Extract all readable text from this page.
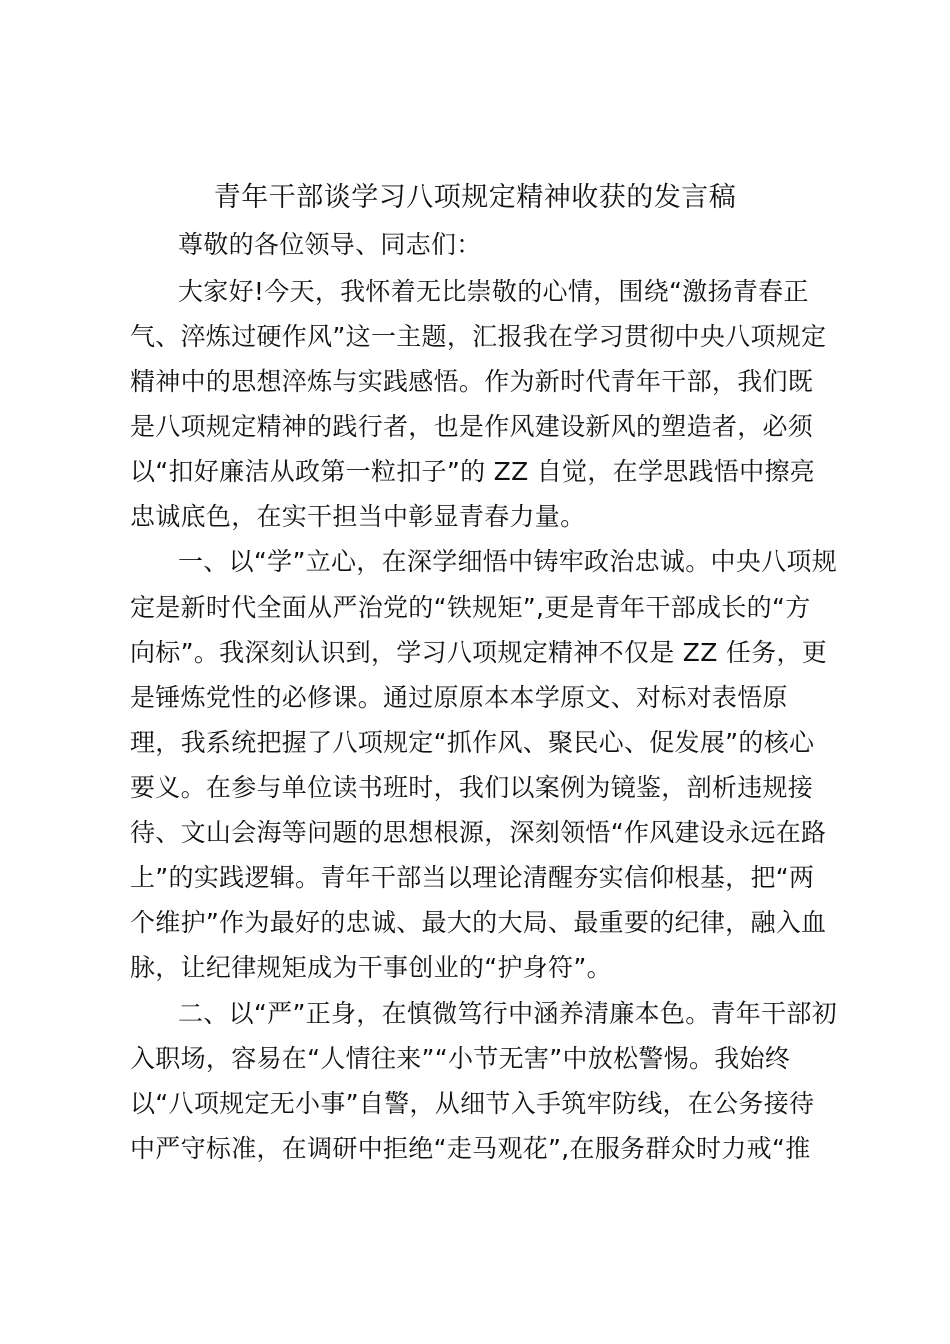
青年干部谈学习八项规定精神收获的发言稿
尊敬的各位领导、同志们：
大家好!今天，我怀着无比崇敬的心情，围绕“激扬青春正
气、淬炼过硬作风”这一主题，汇报我在学习贯彻中央八项规定
精神中的思想淬炼与实践感悟。作为新时代青年干部，我们既
是八项规定精神的践行者，也是作风建设新风的塑造者，必须
以“扣好廉洁从政第一粒扣子”的 ZZ 自觉，在学思践悟中擦亮
忠诚底色，在实干担当中彰显青春力量。
一、以“学”立心，在深学细悟中铸牢政治忠诚。中央八项规
定是新时代全面从严治党的“铁规矩”,更是青年干部成长的“方
向标”。我深刻认识到，学习八项规定精神不仅是 ZZ 任务，更
是锤炼党性的必修课。通过原原本本学原文、对标对表悟原
理，我系统把握了八项规定“抓作风、聚民心、促发展”的核心
要义。在参与单位读书班时，我们以案例为镜鉴，剖析违规接
待、文山会海等问题的思想根源，深刻领悟“作风建设永远在路
上”的实践逻辑。青年干部当以理论清醒夯实信仰根基，把“两
个维护”作为最好的忠诚、最大的大局、最重要的纪律，融入血
脉，让纪律规矩成为干事创业的“护身符”。
二、以“严”正身，在慎微笃行中涵养清廉本色。青年干部初
入职场，容易在“人情往来”“小节无害”中放松警惕。我始终
以“八项规定无小事”自警，从细节入手筑牢防线，在公务接待
中严守标准，在调研中拒绝“走马观花”,在服务群众时力戒“推
